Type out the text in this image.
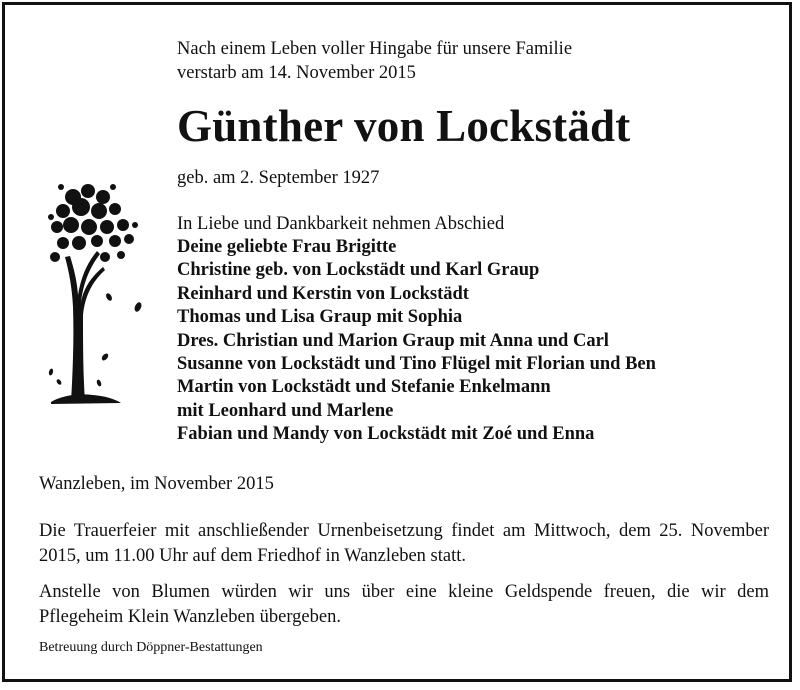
Nach einem Leben voller Hingabe für unsere Familie
verstarb am 14. November 2015

Günther von Lockstädt

geb. am 2. September 1927

In Liebe und Dankbarkeit nehmen Abschied

Deine geliebte Frau Brigitte
Christine geb. von Lockstädt und Karl Graup
Reinhard und Kerstin von Lockstädt
Thomas und Lisa Graup mit Sophia
Dres. Christian und Marion Graup mit Anna und Carl
Susanne von Lockstädt und Tino Flügel mit Florian und Ben
Martin von Lockstädt und Stefanie Enkelmann
mit Leonhard und Marlene
Fabian und Mandy von Lockstädt mit Zoé und Enna

Wanzleben, im November 2015

Die Trauerfeier mit anschließender Urnenbeisetzung findet am Mittwoch, dem 25. November 2015, um 11.00 Uhr auf dem Friedhof in Wanzleben statt.

Anstelle von Blumen würden wir uns über eine kleine Geldspende freuen, die wir dem Pflegeheim Klein Wanzleben übergeben.

Betreuung durch Döppner-Bestattungen
